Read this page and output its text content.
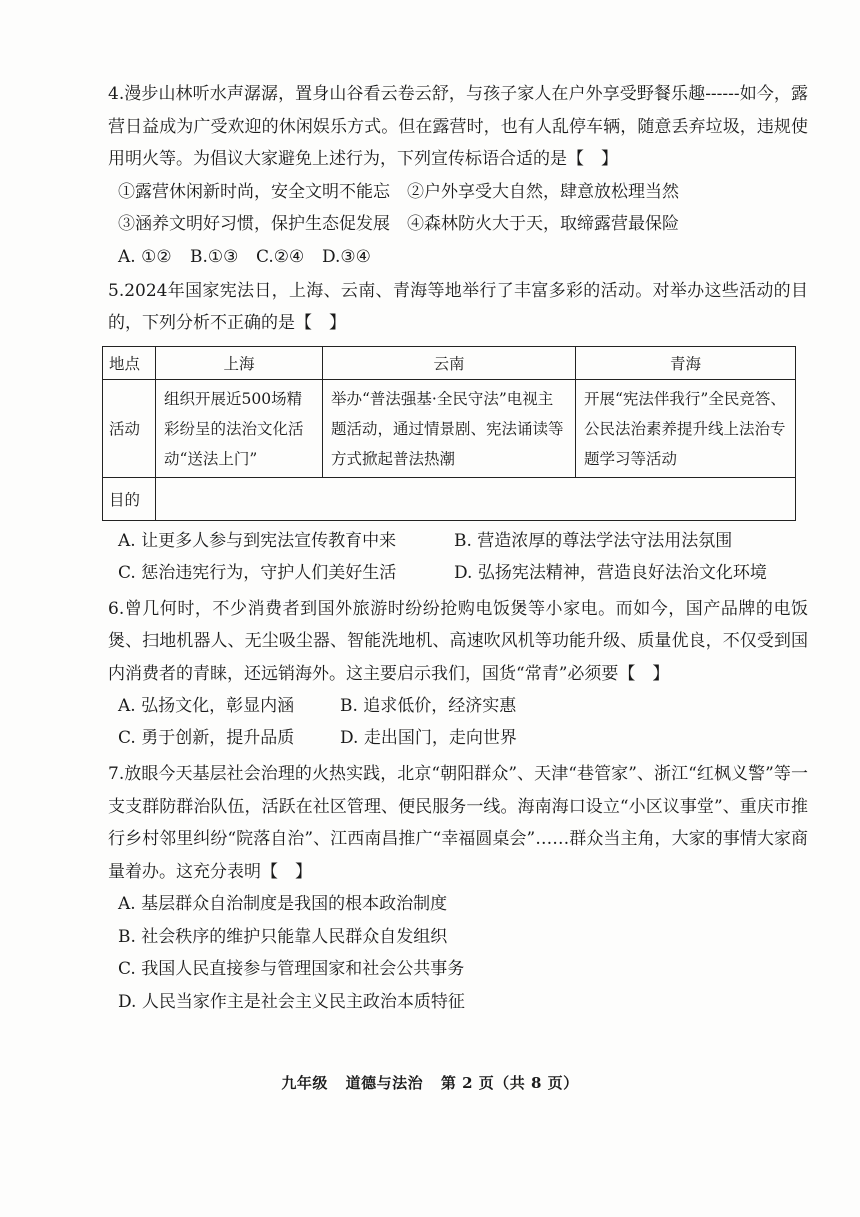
4.漫步山林听水声潺潺，置身山谷看云卷云舒，与孩子家人在户外享受野餐乐趣------如今，露营日益成为广受欢迎的休闲娱乐方式。但在露营时，也有人乱停车辆，随意丢弃垃圾，违规使用明火等。为倡议大家避免上述行为，下列宣传标语合适的是【　】

①露营休闲新时尚，安全文明不能忘　②户外享受大自然，肆意放松理当然

③涵养文明好习惯，保护生态促发展　④森林防火大于天，取缔露营最保险

A. ①②	B.①③	C.②④	D.③④

5.2024年国家宪法日，上海、云南、青海等地举行了丰富多彩的活动。对举办这些活动的目的，下列分析不正确的是【　】

地点	上海	云南	青海
活动	组织开展近500场精彩纷呈的法治文化活动“送法上门”	举办“普法强基·全民守法”电视主题活动，通过情景剧、宪法诵读等方式掀起普法热潮	开展“宪法伴我行”全民竞答、公民法治素养提升线上法治专题学习等活动
目的			
A. 让更多人参与到宪法宣传教育中来	B. 营造浓厚的尊法学法守法用法氛围
C. 惩治违宪行为，守护人们美好生活	D. 弘扬宪法精神，营造良好法治文化环境

6.曾几何时，不少消费者到国外旅游时纷纷抢购电饭煲等小家电。而如今，国产品牌的电饭煲、扫地机器人、无尘吸尘器、智能洗地机、高速吹风机等功能升级、质量优良，不仅受到国内消费者的青睐，还远销海外。这主要启示我们，国货“常青”必须要【　】

A. 弘扬文化，彰显内涵	B. 追求低价，经济实惠
C. 勇于创新，提升品质	D. 走出国门，走向世界

7.放眼今天基层社会治理的火热实践，北京“朝阳群众”、天津“巷管家”、浙江“红枫义警”等一支支群防群治队伍，活跃在社区管理、便民服务一线。海南海口设立“小区议事堂”、重庆市推行乡村邻里纠纷“院落自治”、江西南昌推广“幸福圆桌会”……群众当主角，大家的事情大家商量着办。这充分表明【　】

A. 基层群众自治制度是我国的根本政治制度

B. 社会秩序的维护只能靠人民群众自发组织

C. 我国人民直接参与管理国家和社会公共事务

D. 人民当家作主是社会主义民主政治本质特征

九年级 道德与法治 第 2 页（共 8 页）
